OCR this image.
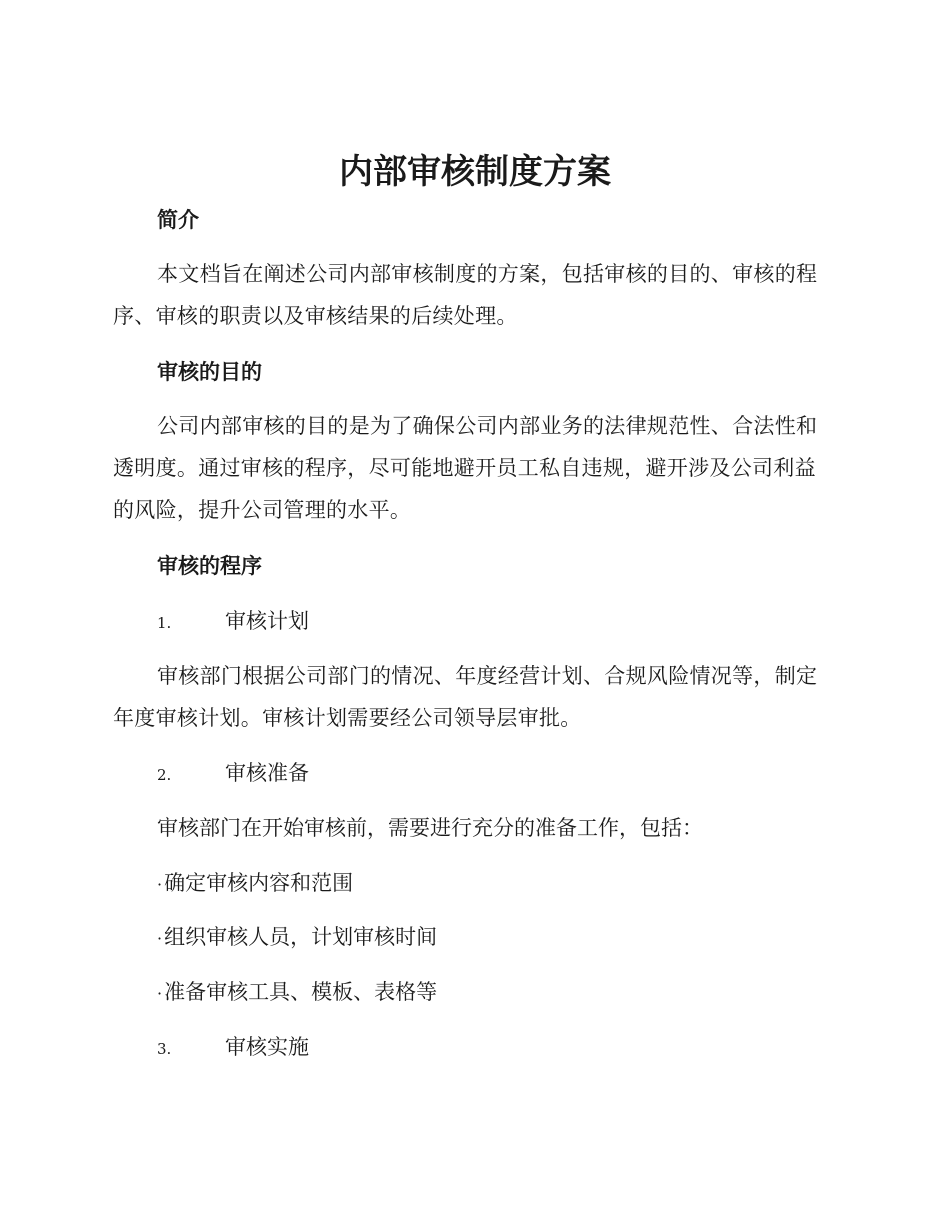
内部审核制度方案
简介

本文档旨在阐述公司内部审核制度的方案，包括审核的目的、审核的程序、审核的职责以及审核结果的后续处理。

审核的目的

公司内部审核的目的是为了确保公司内部业务的法律规范性、合法性和透明度。通过审核的程序，尽可能地避开员工私自违规，避开涉及公司利益的风险，提升公司管理的水平。

审核的程序
1.	审核计划

审核部门根据公司部门的情况、年度经营计划、合规风险情况等，制定年度审核计划。审核计划需要经公司领导层审批。

2.	审核准备
审核部门在开始审核前，需要进行充分的准备工作，包括：
·确定审核内容和范围
·组织审核人员，计划审核时间
·准备审核工具、模板、表格等
3.	审核实施
